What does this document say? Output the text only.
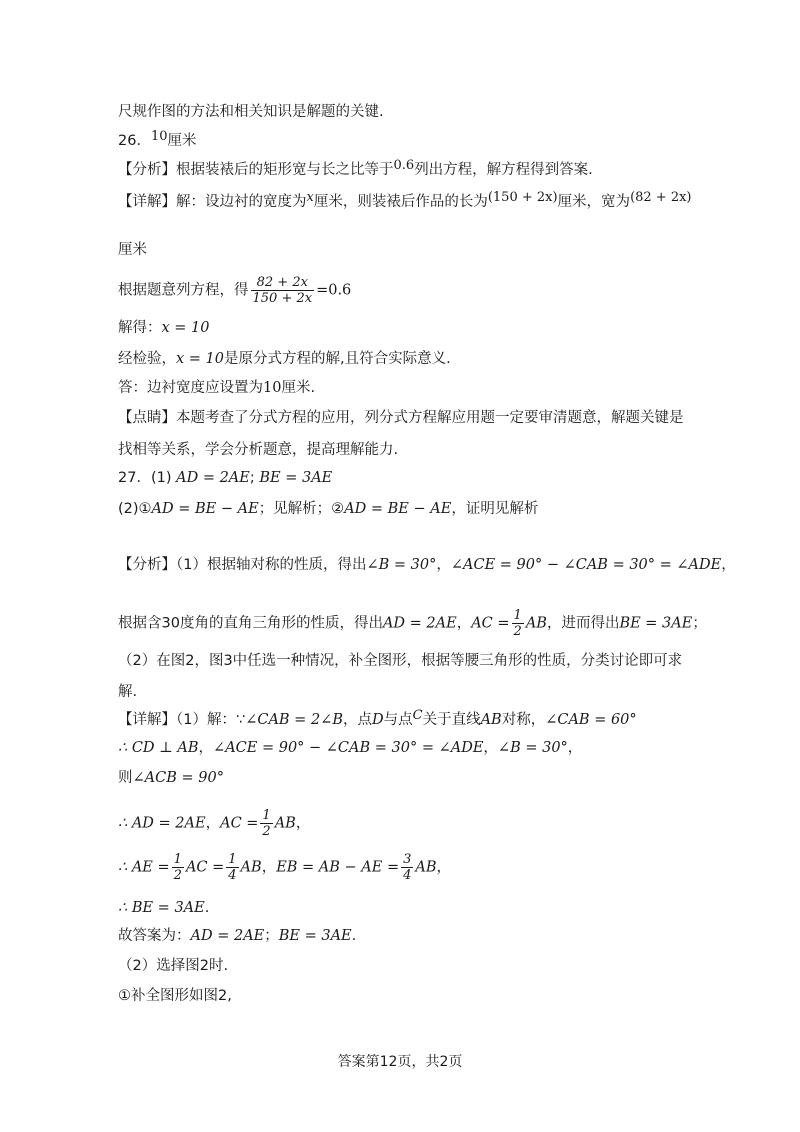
尺规作图的方法和相关知识是解题的关键.
26．10厘米
【分析】根据装裱后的矩形宽与长之比等于0.6列出方程，解方程得到答案.
【详解】解：设边衬的宽度为x厘米，则装裱后作品的长为(150 + 2x)厘米，宽为(82 + 2x)
厘米
根据题意列方程，得 $\frac{82 + 2x}{150 + 2x} =0.6$
解得：x = 10
经检验，x = 10是原分式方程的解,且符合实际意义.
答：边衬宽度应设置为10厘米.
【点睛】本题考查了分式方程的应用，列分式方程解应用题一定要审清题意，解题关键是
找相等关系，学会分析题意，提高理解能力.
27．(1) AD = 2AE; BE = 3AE
(2)①AD = BE − AE；见解析；②AD = BE − AE，证明见解析
【分析】（1）根据轴对称的性质，得出∠B = 30°，∠ACE = 90° − ∠CAB = 30° = ∠ADE，
根据含30度角的直角三角形的性质，得出AD = 2AE，AC = $\frac{1}{2}$ AB，进而得出BE = 3AE；
（2）在图2，图3中任选一种情况，补全图形，根据等腰三角形的性质，分类讨论即可求
解.
【详解】（1）解：∵∠CAB = 2∠B，点D与点C关于直线AB对称，∠CAB = 60°
∴ CD ⊥ AB，∠ACE = 90° − ∠CAB = 30° = ∠ADE，∠B = 30°，
则∠ACB = 90°
∴ AD = 2AE，AC = $\frac{1}{2}$ AB，
∴ AE = $\frac{1}{2}$ AC = $\frac{1}{4}$ AB，EB = AB − AE = $\frac{3}{4}$ AB，
∴ BE = 3AE.
故答案为：AD = 2AE；BE = 3AE.
（2）选择图2时.
①补全图形如图2,
答案第12页，共2页
